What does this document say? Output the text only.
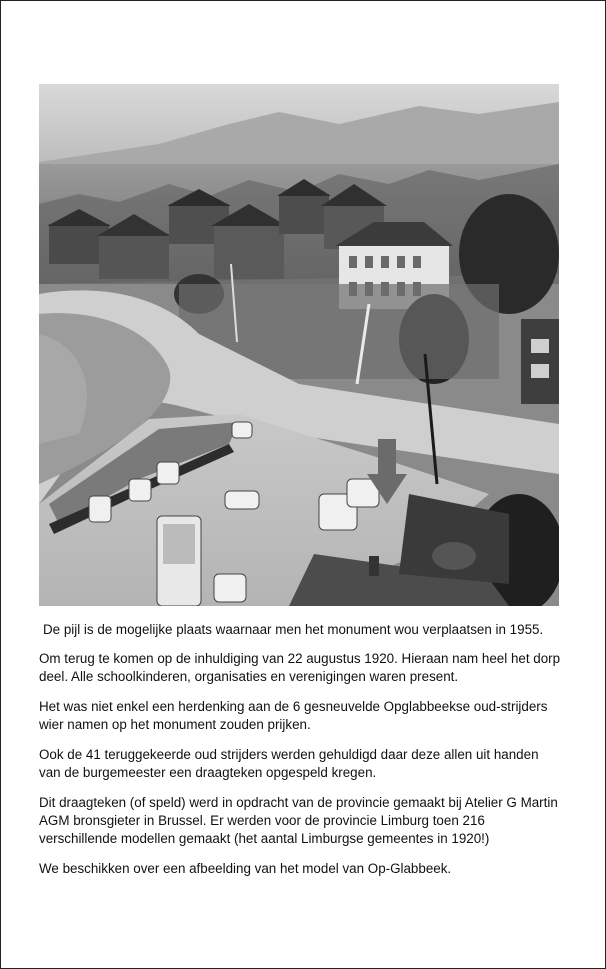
De pijl is de mogelijke plaats waarnaar men het monument wou verplaatsen in 1955.

Om terug te komen op de inhuldiging van 22 augustus 1920. Hieraan nam heel het dorp deel. Alle schoolkinderen, organisaties en verenigingen waren present.

Het was niet enkel een herdenking aan de 6 gesneuvelde Opglabbeekse oud-strijders wier namen op het monument zouden prijken.

Ook de 41 teruggekeerde oud strijders werden gehuldigd daar deze allen uit handen van de burgemeester een draagteken opgespeld kregen.

Dit draagteken (of speld) werd in opdracht van de provincie gemaakt bij Atelier G Martin AGM bronsgieter in Brussel. Er werden voor de provincie Limburg toen 216 verschillende modellen gemaakt (het aantal Limburgse gemeentes in 1920!)

We beschikken over een afbeelding van het model van Op-Glabbeek.
